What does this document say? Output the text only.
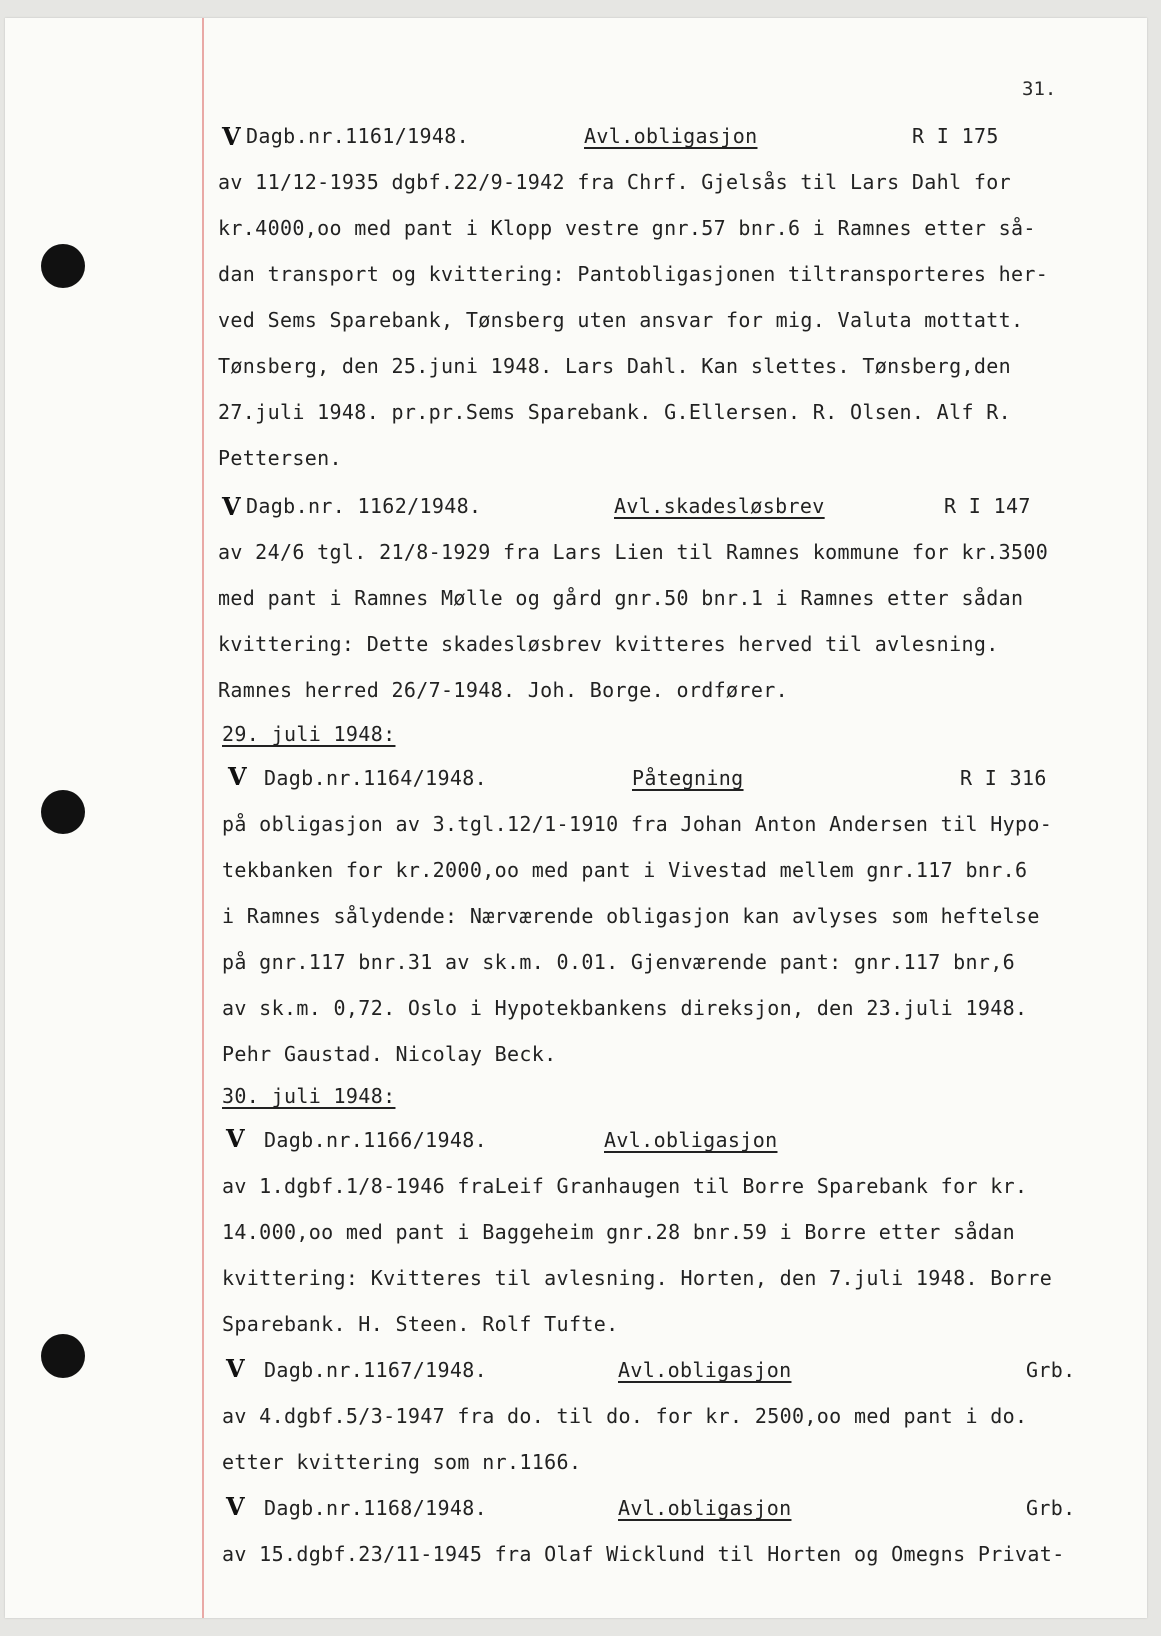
31.
V Dagb.nr.1161/1948.	Avl.obligasjon	R I 175
av 11/12-1935 dgbf.22/9-1942 fra Chrf. Gjelsås til Lars Dahl for
kr.4000,oo med pant i Klopp vestre gnr.57 bnr.6 i Ramnes etter så-
dan transport og kvittering: Pantobligasjonen tiltransporteres her-
ved Sems Sparebank, Tønsberg uten ansvar for mig. Valuta mottatt.
Tønsberg, den 25.juni 1948. Lars Dahl. Kan slettes. Tønsberg,den
27.juli 1948. pr.pr.Sems Sparebank. G.Ellersen. R. Olsen. Alf R.
Pettersen.
V Dagb.nr. 1162/1948.	Avl.skadesløsbrev	R I 147
av 24/6 tgl. 21/8-1929 fra Lars Lien til Ramnes kommune for kr.3500
med pant i Ramnes Mølle og gård gnr.50 bnr.1 i Ramnes etter sådan
kvittering: Dette skadesløsbrev kvitteres herved til avlesning.
Ramnes herred 26/7-1948. Joh. Borge. ordfører.
29. juli 1948:
V Dagb.nr.1164/1948.	Påtegning	R I 316
på obligasjon av 3.tgl.12/1-1910 fra Johan Anton Andersen til Hypo-
tekbanken for kr.2000,oo med pant i Vivestad mellem gnr.117 bnr.6
i Ramnes sålydende: Nærværende obligasjon kan avlyses som heftelse
på gnr.117 bnr.31 av sk.m. 0.01. Gjenværende pant: gnr.117 bnr,6
av sk.m. 0,72. Oslo i Hypotekbankens direksjon, den 23.juli 1948.
Pehr Gaustad. Nicolay Beck.
30. juli 1948:
V Dagb.nr.1166/1948.	Avl.obligasjon
av 1.dgbf.1/8-1946 fraLeif Granhaugen til Borre Sparebank for kr.
14.000,oo med pant i Baggeheim gnr.28 bnr.59 i Borre etter sådan
kvittering: Kvitteres til avlesning. Horten, den 7.juli 1948. Borre
Sparebank. H. Steen. Rolf Tufte.
V Dagb.nr.1167/1948.	Avl.obligasjon	Grb.
av 4.dgbf.5/3-1947 fra do. til do. for kr. 2500,oo med pant i do.
etter kvittering som nr.1166.
V Dagb.nr.1168/1948.	Avl.obligasjon	Grb.
av 15.dgbf.23/11-1945 fra Olaf Wicklund til Horten og Omegns Privat-
